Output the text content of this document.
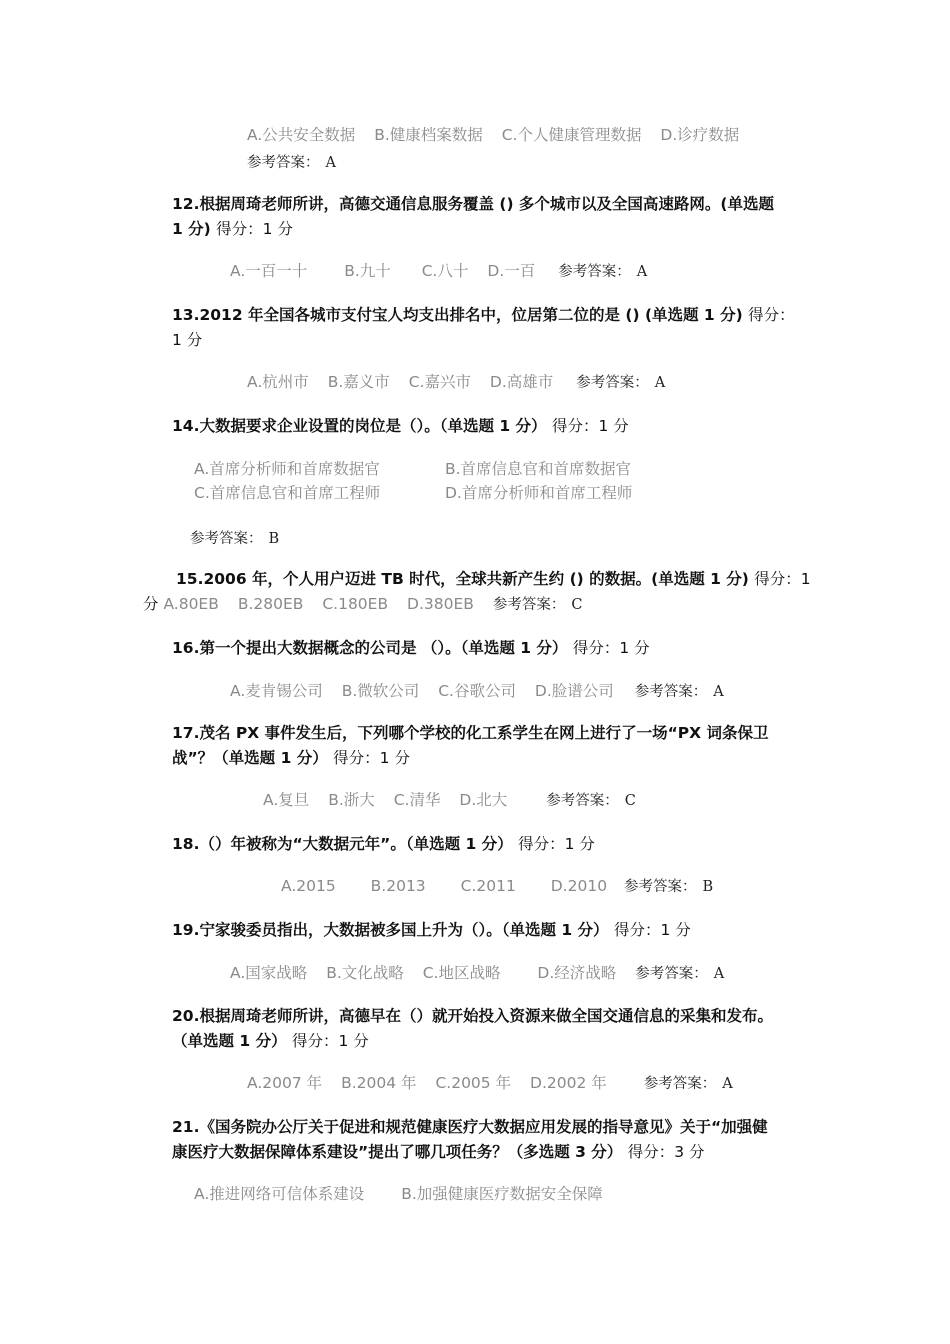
A.公共安全数据 B.健康档案数据 C.个人健康管理数据 D.诊疗数据
参考答案： A
12.根据周琦老师所讲，高德交通信息服务覆盖 () 多个城市以及全国高速路网。(单选题
1 分) 得分：1 分
A.一百一十 B.九十 C.八十 D.一百 参考答案： A
13.2012 年全国各城市支付宝人均支出排名中，位居第二位的是 () (单选题 1 分) 得分：
1 分
A.杭州市 B.嘉义市 C.嘉兴市 D.高雄市 参考答案： A
14.大数据要求企业设置的岗位是（）。（单选题 1 分） 得分：1 分
A.首席分析师和首席数据官	B.首席信息官和首席数据官
C.首席信息官和首席工程师	D.首席分析师和首席工程师
参考答案： B
15.2006 年，个人用户迈进 TB 时代，全球共新产生约 () 的数据。(单选题 1 分) 得分：1
分 A.80EB B.280EB C.180EB D.380EB 参考答案： C
16.第一个提出大数据概念的公司是 （）。（单选题 1 分） 得分：1 分
A.麦肯锡公司 B.微软公司 C.谷歌公司 D.脸谱公司 参考答案： A
17.茂名 PX 事件发生后，下列哪个学校的化工系学生在网上进行了一场“PX 词条保卫
战”？（单选题 1 分） 得分：1 分
A.复旦 B.浙大 C.清华 D.北大	参考答案： C
18.（）年被称为“大数据元年”。（单选题 1 分） 得分：1 分
A.2015 B.2013 C.2011 D.2010 参考答案： B
19.宁家骏委员指出，大数据被多国上升为（）。（单选题 1 分） 得分：1 分
A.国家战略 B.文化战略 C.地区战略 D.经济战略 参考答案： A
20.根据周琦老师所讲，高德早在（）就开始投入资源来做全国交通信息的采集和发布。
（单选题 1 分） 得分：1 分
A.2007 年 B.2004 年 C.2005 年 D.2002 年	参考答案： A
21.《国务院办公厅关于促进和规范健康医疗大数据应用发展的指导意见》关于“加强健
康医疗大数据保障体系建设”提出了哪几项任务？（多选题 3 分） 得分：3 分
A.推进网络可信体系建设 B.加强健康医疗数据安全保障
